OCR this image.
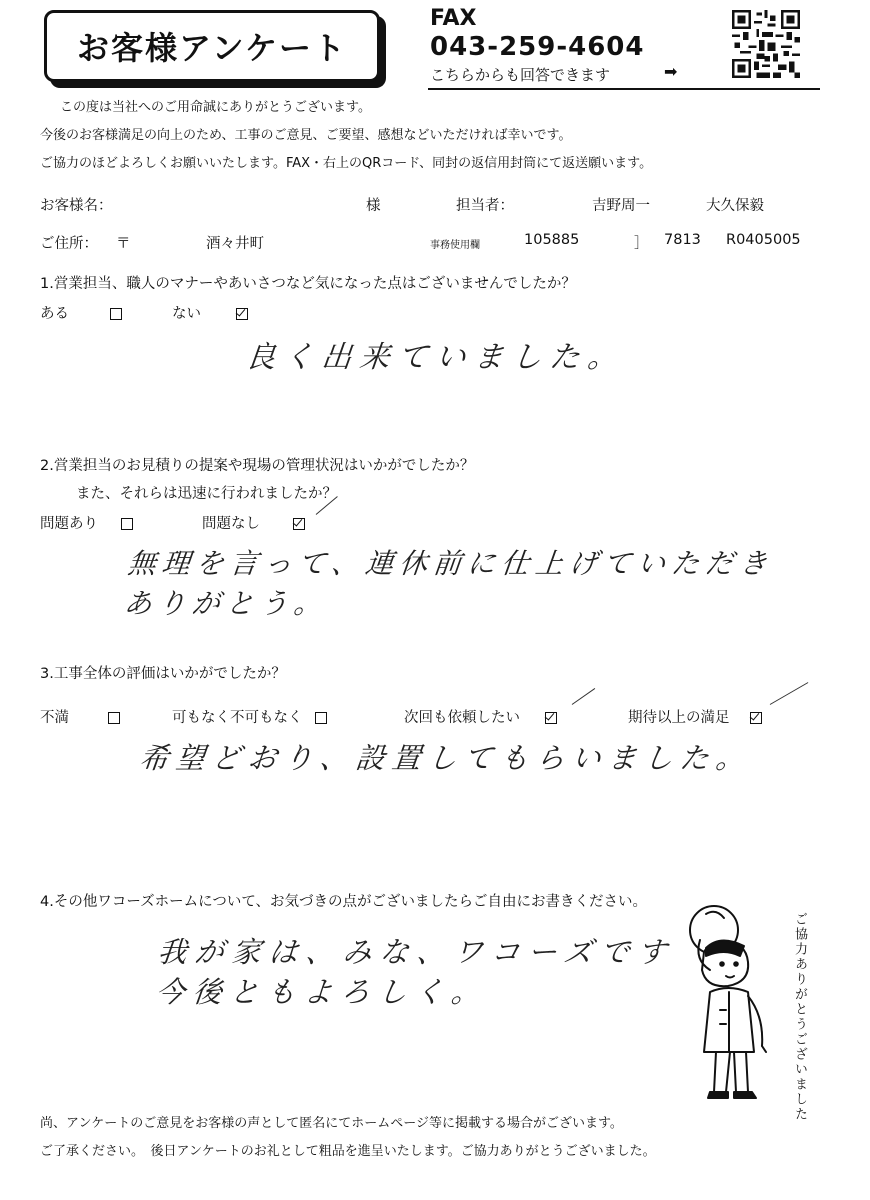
お客様アンケート
FAX
043-259-4604
こちらからも回答できます	➡
この度は当社へのご用命誠にありがとうございます。
今後のお客様満足の向上のため、工事のご意見、ご要望、感想などいただければ幸いです。
ご協力のほどよろしくお願いいたします。FAX・右上のQRコード、同封の返信用封筒にて返送願います。
お客様名：	様	担当者：	吉野周一	大久保毅
ご住所： 〒	酒々井町	事務使用欄	105885	］ 7813 R0405005
1.営業担当、職人のマナーやあいさつなど気になった点はございませんでしたか？
ある	ない
良く出来ていました。
2.営業担当のお見積りの提案や現場の管理状況はいかがでしたか？
また、それらは迅速に行われましたか？
問題あり	問題なし
無理を言って、連休前に仕上げていただき
ありがとう。
3.工事全体の評価はいかがでしたか？
不満	可もなく不可もなく	次回も依頼したい	期待以上の満足
希望どおり、設置してもらいました。
4.その他ワコーズホームについて、お気づきの点がございましたらご自由にお書きください。
我が家は、みな、ワコーズです
今後ともよろしく。	ご協力ありがとうございました
尚、アンケートのご意見をお客様の声として匿名にてホームページ等に掲載する場合がございます。
ご了承ください。　後日アンケートのお礼として粗品を進呈いたします。ご協力ありがとうございました。
